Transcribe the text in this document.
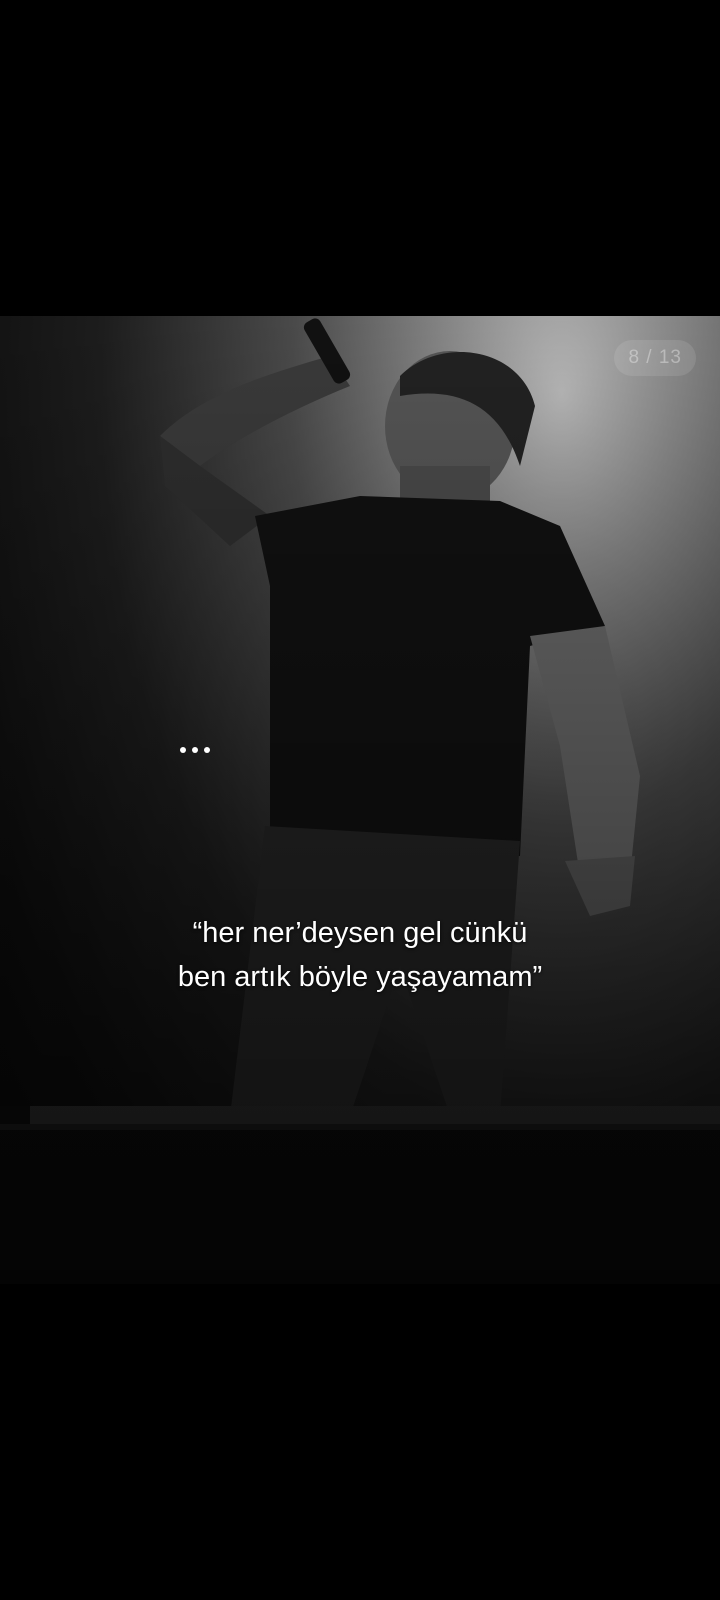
8 / 13
“her ner’deysen gel cünkü
ben artık böyle yaşayamam”
